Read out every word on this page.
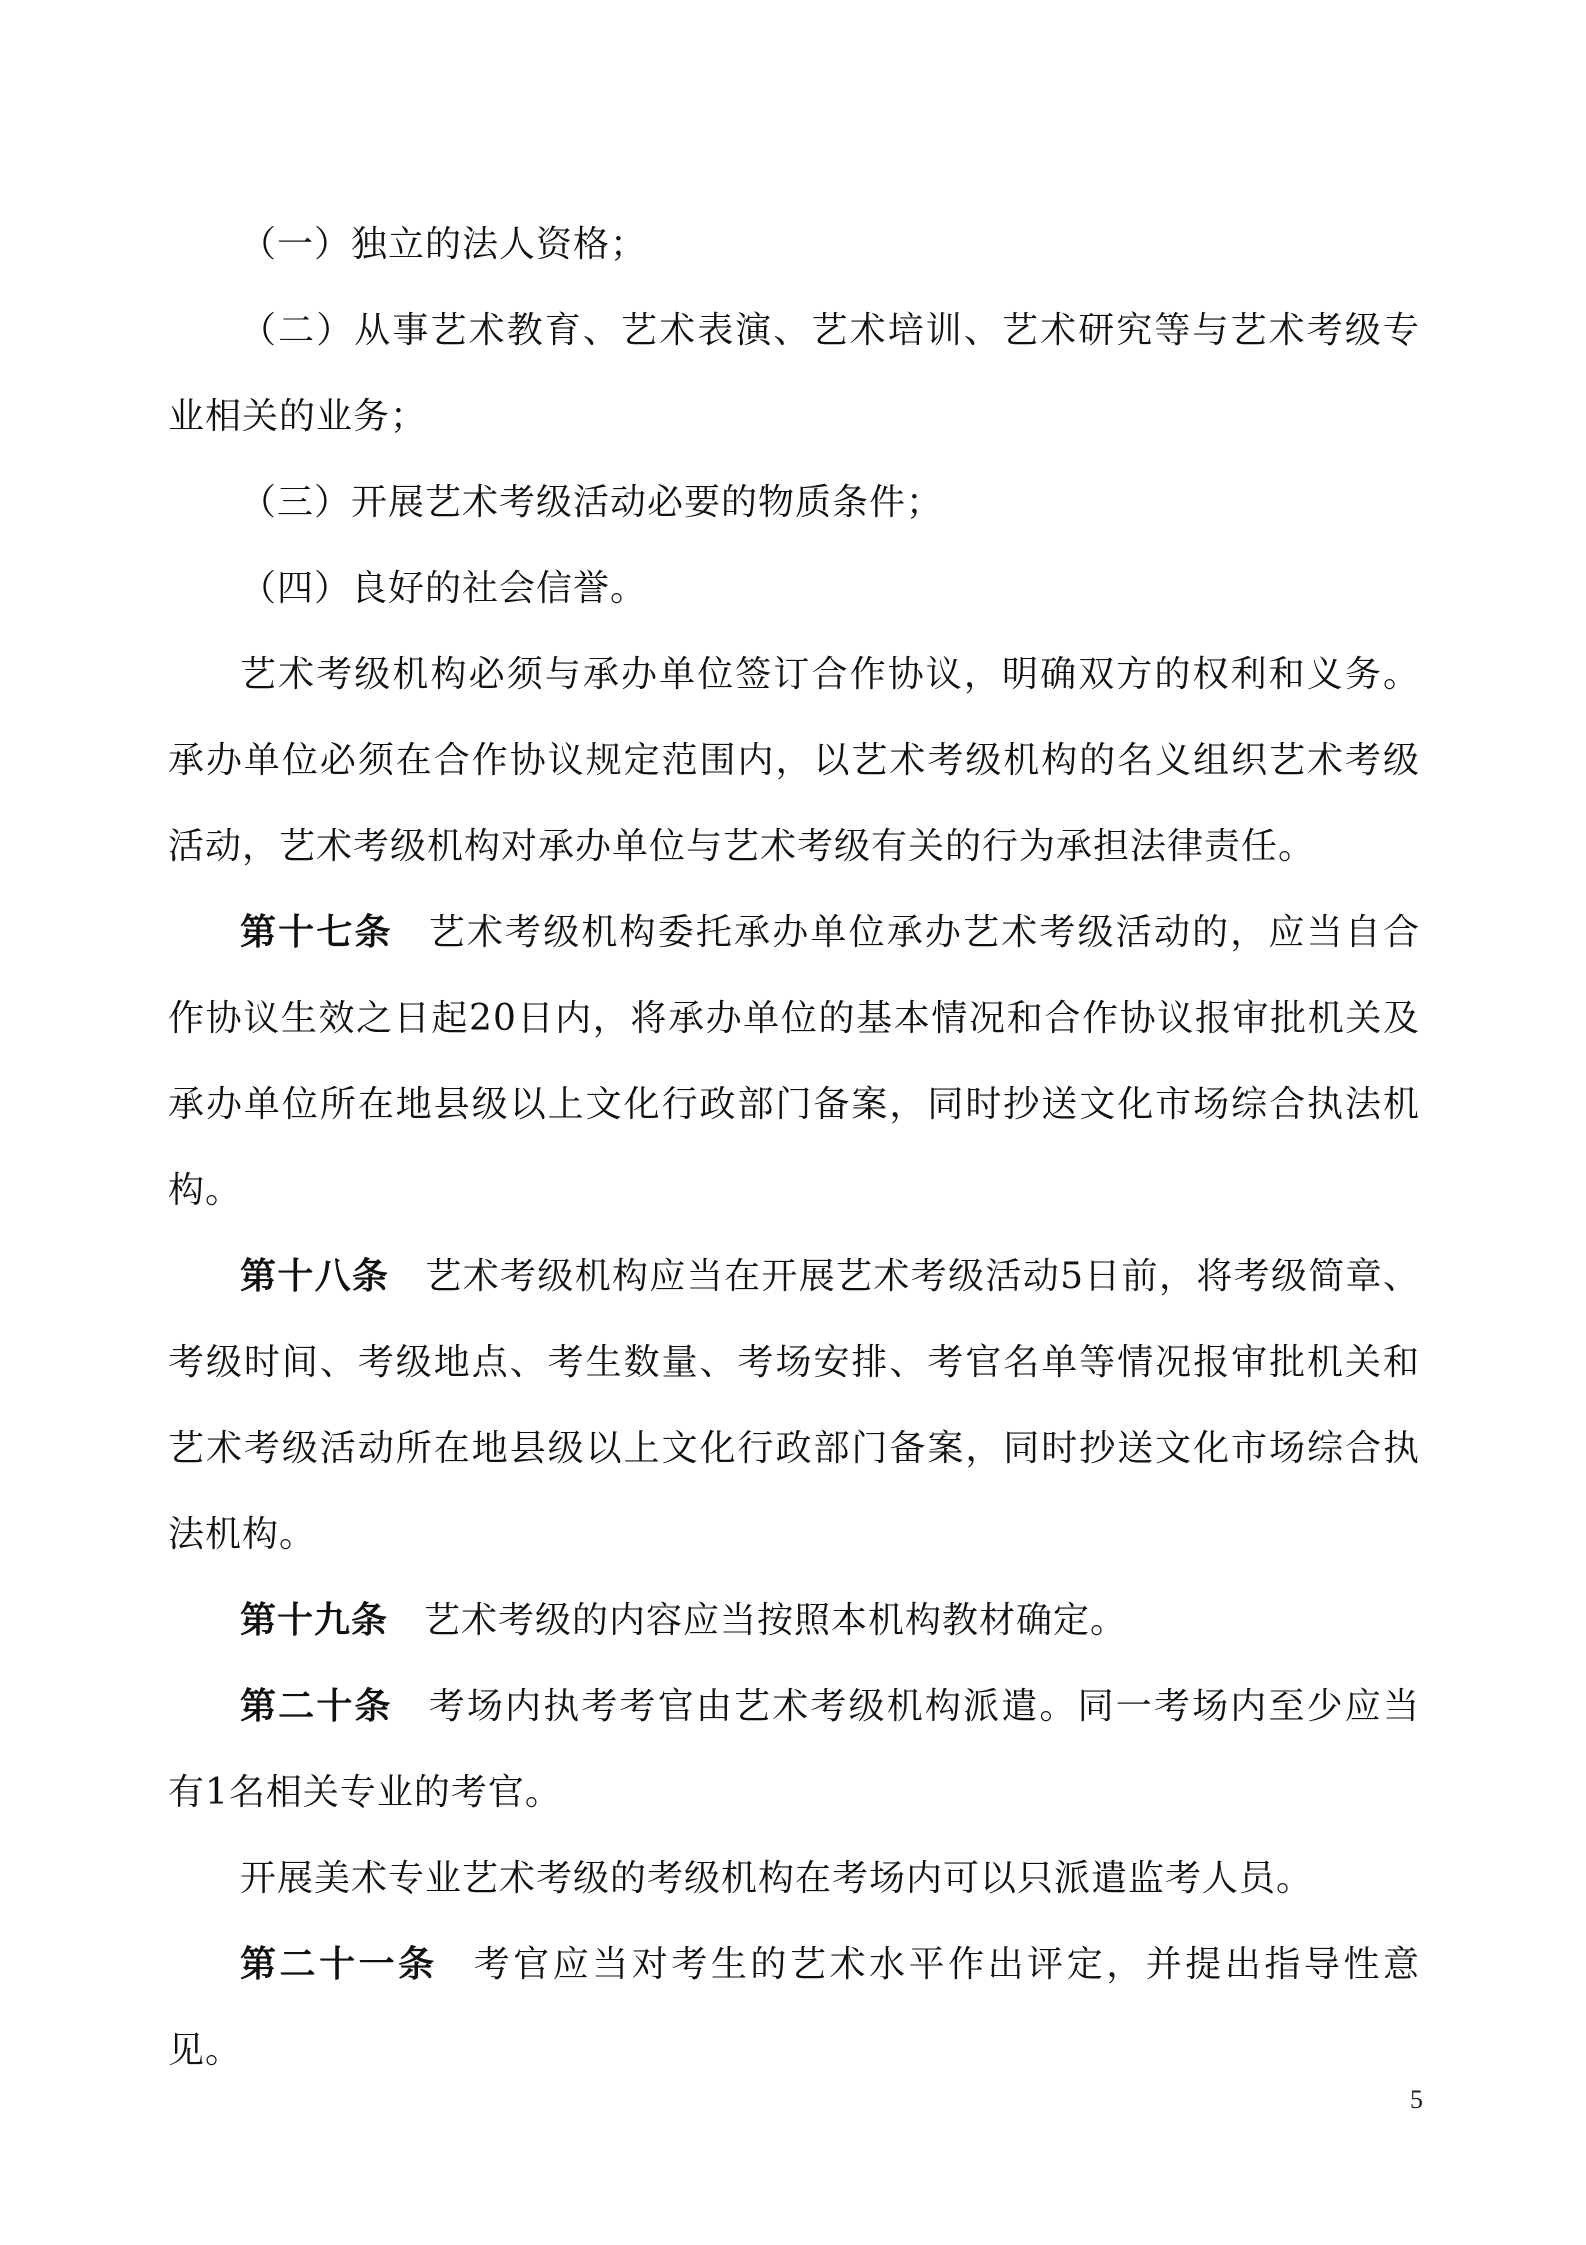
（一）独立的法人资格；

（二）从事艺术教育、艺术表演、艺术培训、艺术研究等与艺术考级专业相关的业务；

（三）开展艺术考级活动必要的物质条件；

（四）良好的社会信誉。

艺术考级机构必须与承办单位签订合作协议，明确双方的权利和义务。承办单位必须在合作协议规定范围内，以艺术考级机构的名义组织艺术考级活动，艺术考级机构对承办单位与艺术考级有关的行为承担法律责任。

第十七条 艺术考级机构委托承办单位承办艺术考级活动的，应当自合作协议生效之日起20日内，将承办单位的基本情况和合作协议报审批机关及承办单位所在地县级以上文化行政部门备案，同时抄送文化市场综合执法机构。

第十八条 艺术考级机构应当在开展艺术考级活动5日前，将考级简章、考级时间、考级地点、考生数量、考场安排、考官名单等情况报审批机关和艺术考级活动所在地县级以上文化行政部门备案，同时抄送文化市场综合执法机构。

第十九条 艺术考级的内容应当按照本机构教材确定。

第二十条 考场内执考考官由艺术考级机构派遣。同一考场内至少应当有1名相关专业的考官。

开展美术专业艺术考级的考级机构在考场内可以只派遣监考人员。

第二十一条 考官应当对考生的艺术水平作出评定，并提出指导性意见。

5
